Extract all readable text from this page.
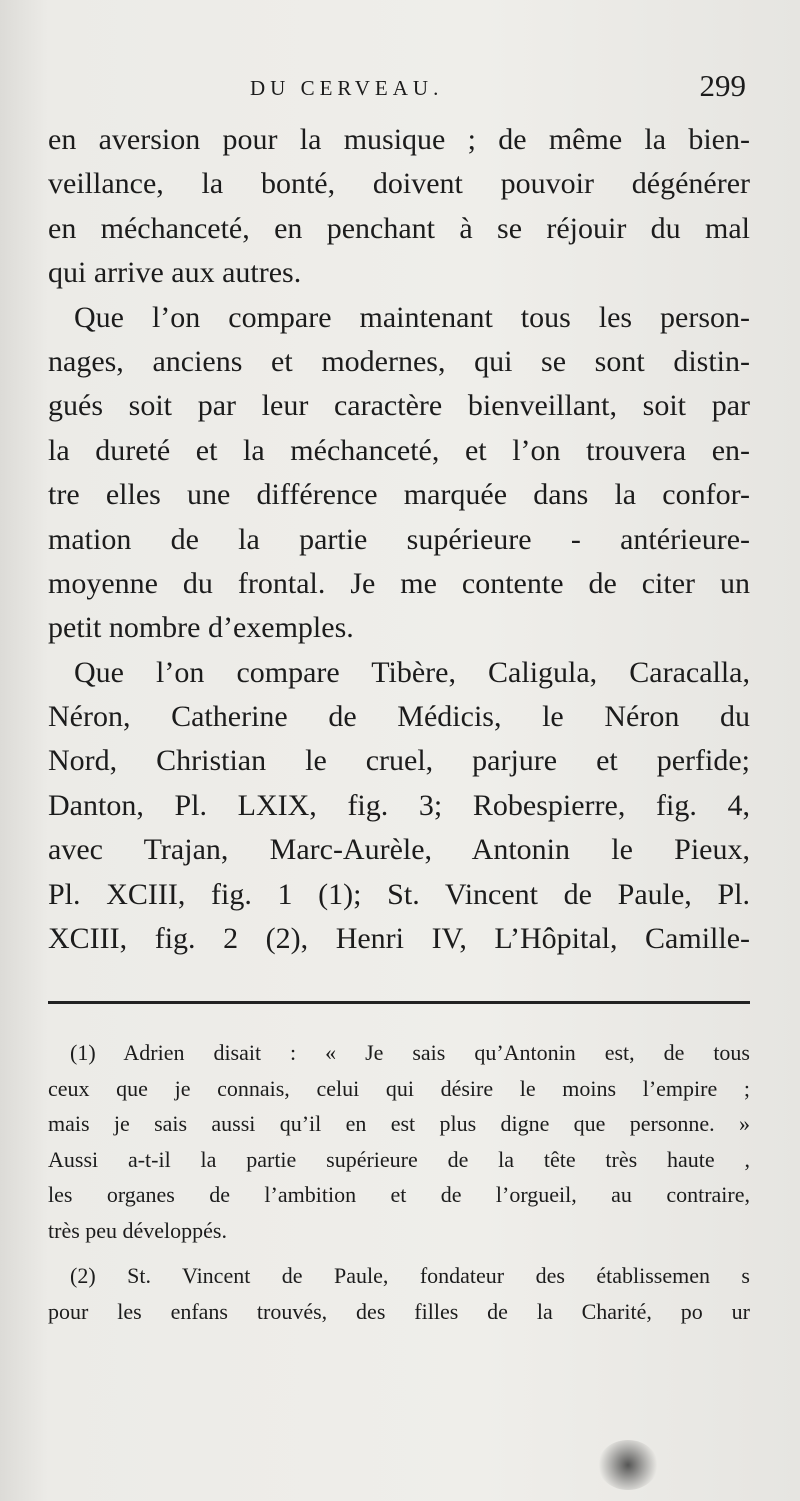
DU CERVEAU.	299
en aversion pour la musique ; de même la bien-
veillance, la bonté, doivent pouvoir dégénérer
en méchanceté, en penchant à se réjouir du mal
qui arrive aux autres.
Que l’on compare maintenant tous les person-
nages, anciens et modernes, qui se sont distin-
gués soit par leur caractère bienveillant, soit par
la dureté et la méchanceté, et l’on trouvera en-
tre elles une différence marquée dans la confor-
mation de la partie supérieure - antérieure-
moyenne du frontal. Je me contente de citer un
petit nombre d’exemples.
Que l’on compare Tibère, Caligula, Caracalla,
Néron, Catherine de Médicis, le Néron du
Nord, Christian le cruel, parjure et perfide;
Danton, Pl. LXIX, fig. 3; Robespierre, fig. 4,
avec Trajan, Marc-Aurèle, Antonin le Pieux,
Pl. XCIII, fig. 1 (1); St. Vincent de Paule, Pl.
XCIII, fig. 2 (2), Henri IV, L’Hôpital, Camille-
(1) Adrien disait : « Je sais qu’Antonin est, de tous
ceux que je connais, celui qui désire le moins l’empire ;
mais je sais aussi qu’il en est plus digne que personne. »
Aussi a-t-il la partie supérieure de la tête très haute ,
les organes de l’ambition et de l’orgueil, au contraire,
très peu développés.
(2) St. Vincent de Paule, fondateur des établissemen s
pour les enfans trouvés, des filles de la Charité, po ur
